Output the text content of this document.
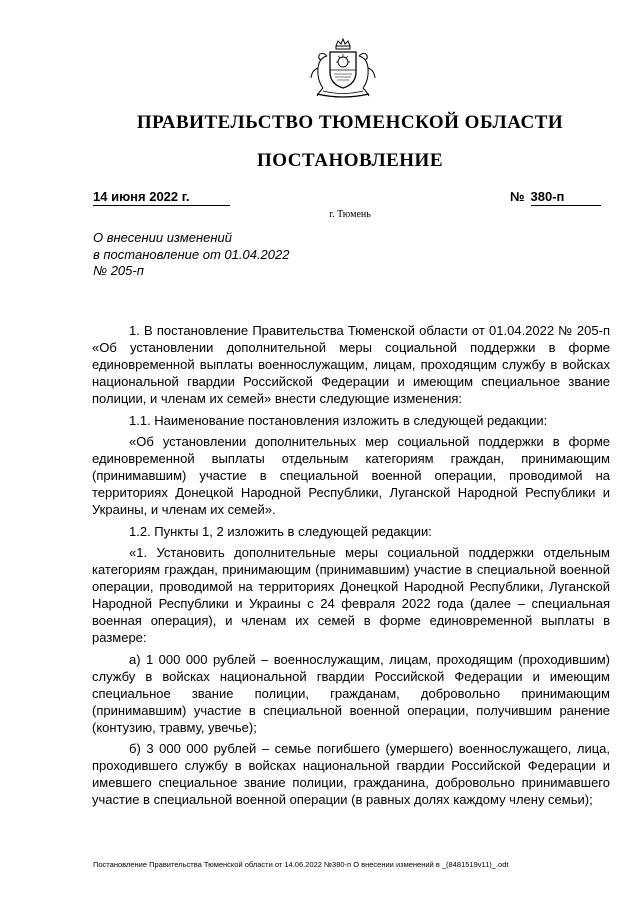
ПРАВИТЕЛЬСТВО ТЮМЕНСКОЙ ОБЛАСТИ
ПОСТАНОВЛЕНИЕ
14 июня 2022 г.	№ 380-п
г. Тюмень
О внесении изменений
в постановление от 01.04.2022
№ 205-п

1. В постановление Правительства Тюменской области от 01.04.2022 № 205-п «Об установлении дополнительной меры социальной поддержки в форме единовременной выплаты военнослужащим, лицам, проходящим службу в войсках национальной гвардии Российской Федерации и имеющим специальное звание полиции, и членам их семей» внести следующие изменения:

1.1. Наименование постановления изложить в следующей редакции:

«Об установлении дополнительных мер социальной поддержки в форме единовременной выплаты отдельным категориям граждан, принимающим (принимавшим) участие в специальной военной операции, проводимой на территориях Донецкой Народной Республики, Луганской Народной Республики и Украины, и членам их семей».

1.2. Пункты 1, 2 изложить в следующей редакции:

«1. Установить дополнительные меры социальной поддержки отдельным категориям граждан, принимающим (принимавшим) участие в специальной военной операции, проводимой на территориях Донецкой Народной Республики, Луганской Народной Республики и Украины с 24 февраля 2022 года (далее – специальная военная операция), и членам их семей в форме единовременной выплаты в размере:

а) 1 000 000 рублей – военнослужащим, лицам, проходящим (проходившим) службу в войсках национальной гвардии Российской Федерации и имеющим специальное звание полиции, гражданам, добровольно принимающим (принимавшим) участие в специальной военной операции, получившим ранение (контузию, травму, увечье);

б) 3 000 000 рублей – семье погибшего (умершего) военнослужащего, лица, проходившего службу в войсках национальной гвардии Российской Федерации и имевшего специальное звание полиции, гражданина, добровольно принимавшего участие в специальной военной операции (в равных долях каждому члену семьи);

Постановление Правительства Тюменской области от 14.06.2022 №380-п О внесении изменений в _(8481519v11)_.odt
